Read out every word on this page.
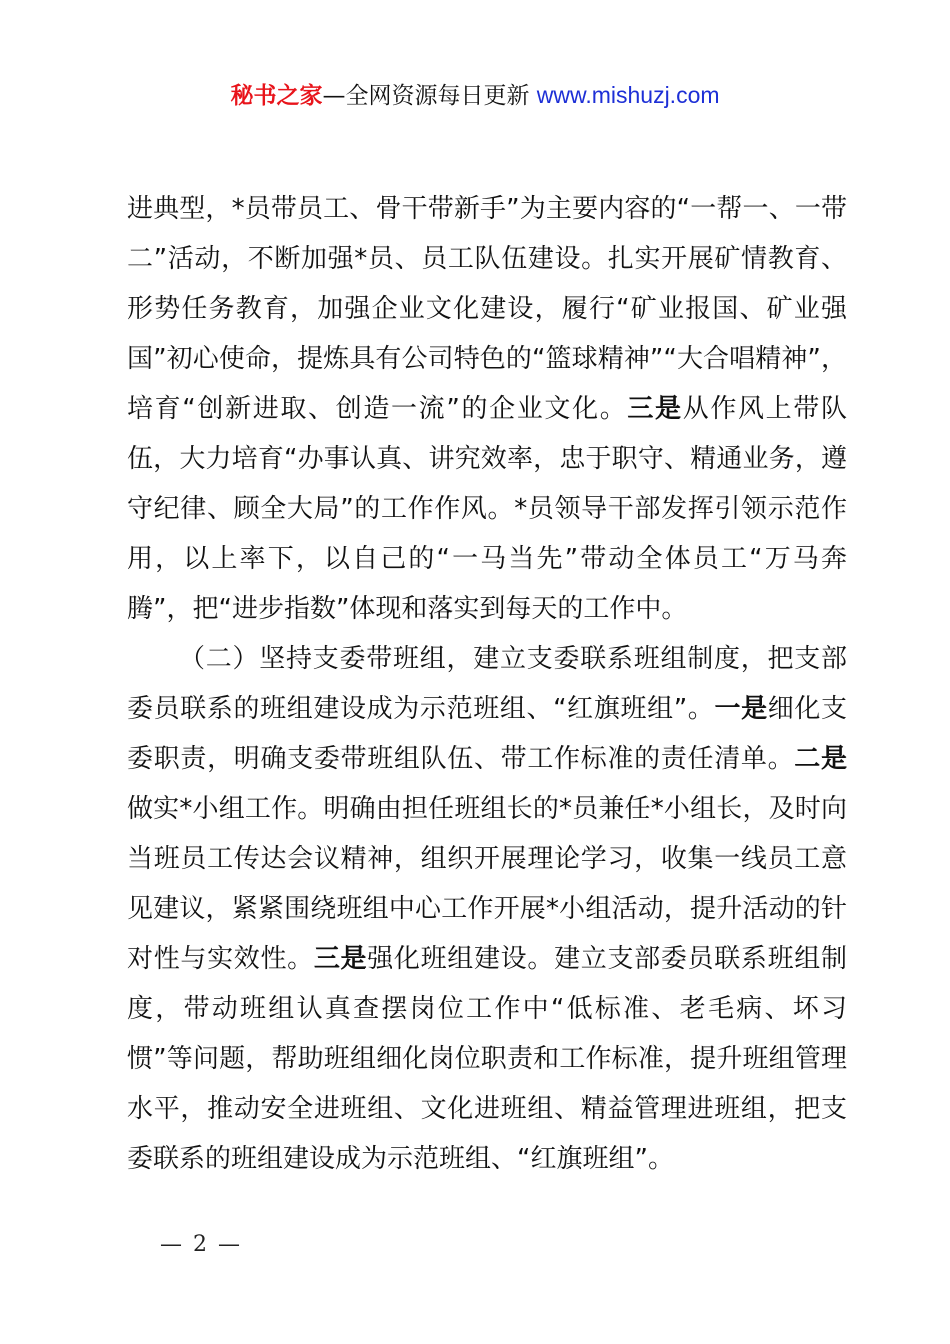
秘书之家—全网资源每日更新 www.mishuzj.com

进典型，*员带员工、骨干带新手”为主要内容的“一帮一、一带二”活动，不断加强*员、员工队伍建设。扎实开展矿情教育、形势任务教育，加强企业文化建设，履行“矿业报国、矿业强国”初心使命，提炼具有公司特色的“篮球精神”“大合唱精神”，培育“创新进取、创造一流”的企业文化。三是从作风上带队伍，大力培育“办事认真、讲究效率，忠于职守、精通业务，遵守纪律、顾全大局”的工作作风。*员领导干部发挥引领示范作用，以上率下，以自己的“一马当先”带动全体员工“万马奔腾”，把“进步指数”体现和落实到每天的工作中。

（二）坚持支委带班组，建立支委联系班组制度，把支部委员联系的班组建设成为示范班组、“红旗班组”。一是细化支委职责，明确支委带班组队伍、带工作标准的责任清单。二是做实*小组工作。明确由担任班组长的*员兼任*小组长，及时向当班员工传达会议精神，组织开展理论学习，收集一线员工意见建议，紧紧围绕班组中心工作开展*小组活动，提升活动的针对性与实效性。三是强化班组建设。建立支部委员联系班组制度，带动班组认真查摆岗位工作中“低标准、老毛病、坏习惯”等问题，帮助班组细化岗位职责和工作标准，提升班组管理水平，推动安全进班组、文化进班组、精益管理进班组，把支委联系的班组建设成为示范班组、“红旗班组”。

— 2 —
